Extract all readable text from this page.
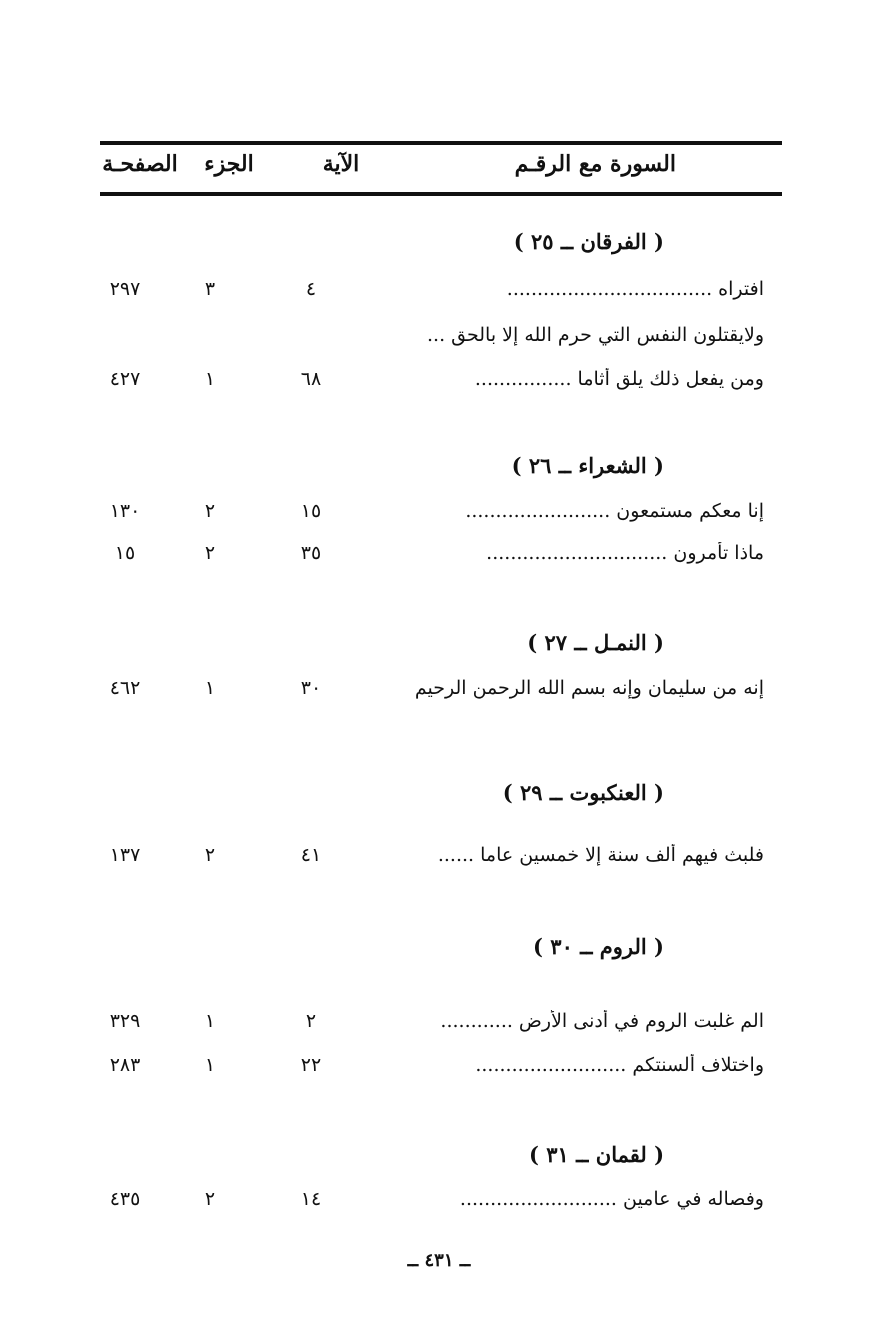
السورة مع الرقـم
الآية
الجزء
الصفحـة
( الفرقان ــ ٢٥ )
افتراه ..................................
٤
٣
٢٩٧
ولايقتلون النفس التي حرم الله إلا بالحق ...
ومن يفعل ذلك يلق أثاما ................
٦٨
١
٤٢٧
( الشعراء ــ ٢٦ )
إنا معكم مستمعون ........................
١٥
٢
١٣٠
ماذا تأمرون ..............................
٣٥
٢
١٥
( النمـل ــ ٢٧ )
إنه من سليمان وإنه بسم الله الرحمن الرحيم
٣٠
١
٤٦٢
( العنكبوت ــ ٢٩ )
فلبث فيهم ألف سنة إلا خمسين عاما ......
٤١
٢
١٣٧
( الروم ــ ٣٠ )
الم غلبت الروم في أدنى الأرض ............
٢
١
٣٢٩
واختلاف ألسنتكم .........................
٢٢
١
٢٨٣
( لقمان ــ ٣١ )
وفصاله في عامين ..........................
١٤
٢
٤٣٥
ــ ٤٣١ ــ
